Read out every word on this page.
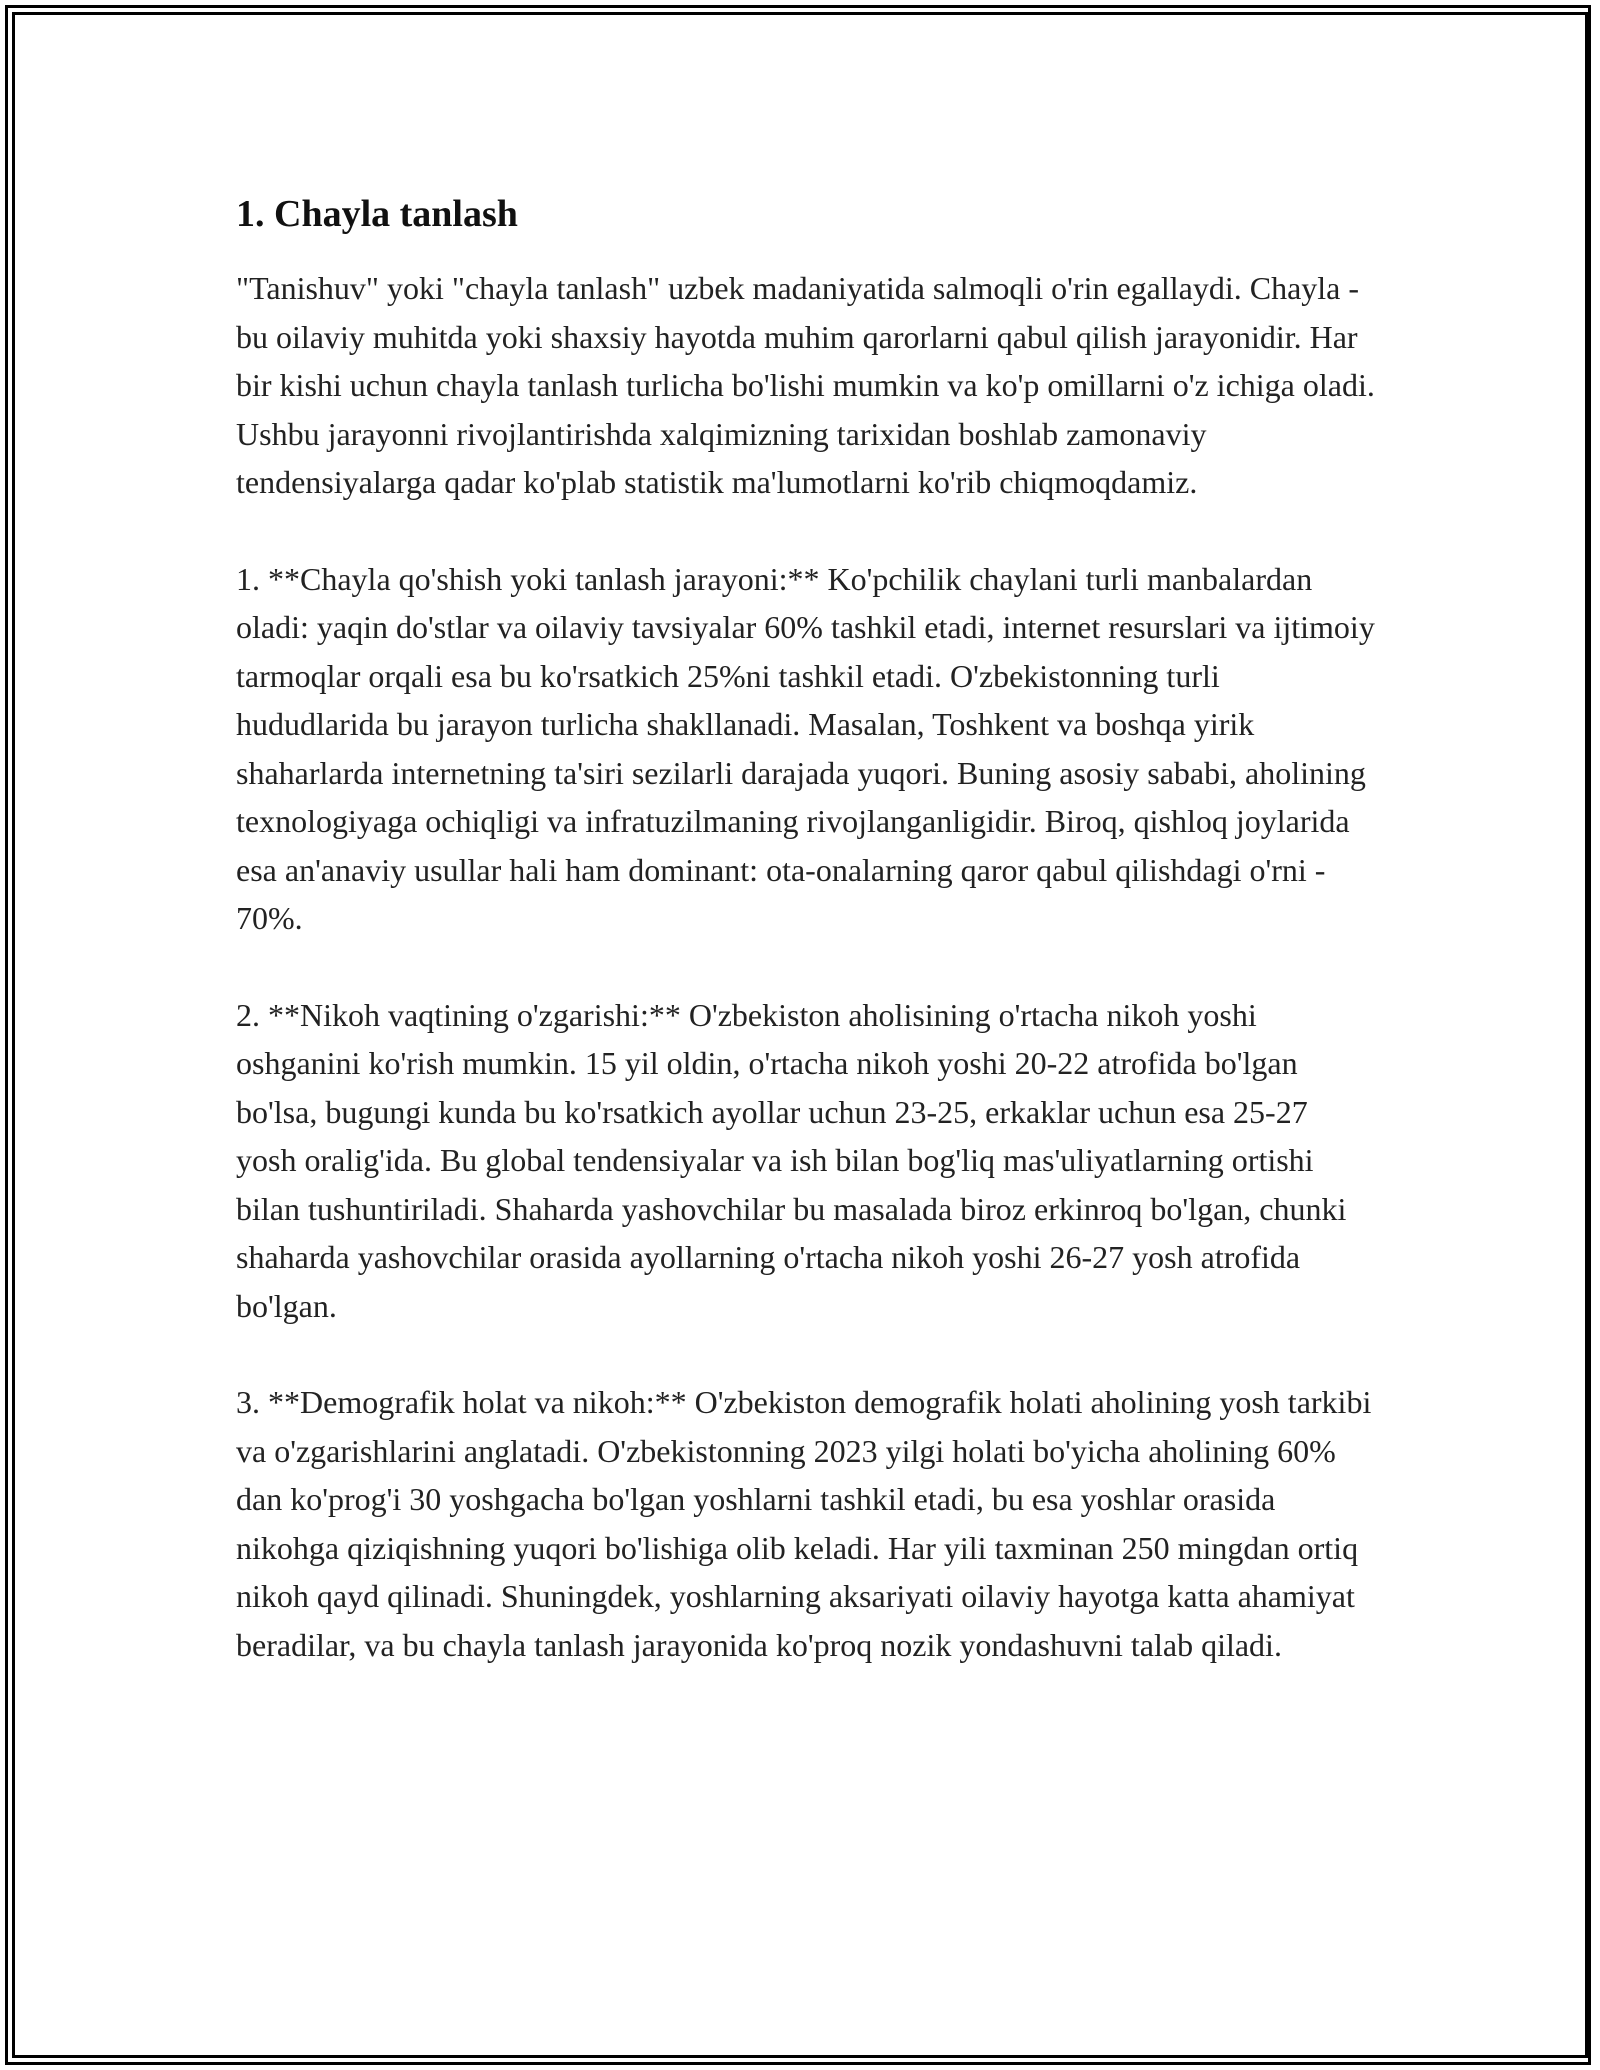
1. Chayla tanlash

"Tanishuv" yoki "chayla tanlash" uzbek madaniyatida salmoqli o'rin egallaydi. Chayla - bu oilaviy muhitda yoki shaxsiy hayotda muhim qarorlarni qabul qilish jarayonidir. Har bir kishi uchun chayla tanlash turlicha bo'lishi mumkin va ko'p omillarni o'z ichiga oladi. Ushbu jarayonni rivojlantirishda xalqimizning tarixidan boshlab zamonaviy tendensiyalarga qadar ko'plab statistik ma'lumotlarni ko'rib chiqmoqdamiz.

1. **Chayla qo'shish yoki tanlash jarayoni:** Ko'pchilik chaylani turli manbalardan oladi: yaqin do'stlar va oilaviy tavsiyalar 60% tashkil etadi, internet resurslari va ijtimoiy tarmoqlar orqali esa bu ko'rsatkich 25%ni tashkil etadi. O'zbekistonning turli hududlarida bu jarayon turlicha shakllanadi. Masalan, Toshkent va boshqa yirik shaharlarda internetning ta'siri sezilarli darajada yuqori. Buning asosiy sababi, aholining texnologiyaga ochiqligi va infratuzilmaning rivojlanganligidir. Biroq, qishloq joylarida esa an'anaviy usullar hali ham dominant: ota-onalarning qaror qabul qilishdagi o'rni - 70%.

2. **Nikoh vaqtining o'zgarishi:** O'zbekiston aholisining o'rtacha nikoh yoshi oshganini ko'rish mumkin. 15 yil oldin, o'rtacha nikoh yoshi 20-22 atrofida bo'lgan bo'lsa, bugungi kunda bu ko'rsatkich ayollar uchun 23-25, erkaklar uchun esa 25-27 yosh oralig'ida. Bu global tendensiyalar va ish bilan bog'liq mas'uliyatlarning ortishi bilan tushuntiriladi. Shaharda yashovchilar bu masalada biroz erkinroq bo'lgan, chunki shaharda yashovchilar orasida ayollarning o'rtacha nikoh yoshi 26-27 yosh atrofida bo'lgan.

3. **Demografik holat va nikoh:** O'zbekiston demografik holati aholining yosh tarkibi va o'zgarishlarini anglatadi. O'zbekistonning 2023 yilgi holati bo'yicha aholining 60% dan ko'prog'i 30 yoshgacha bo'lgan yoshlarni tashkil etadi, bu esa yoshlar orasida nikohga qiziqishning yuqori bo'lishiga olib keladi. Har yili taxminan 250 mingdan ortiq nikoh qayd qilinadi. Shuningdek, yoshlarning aksariyati oilaviy hayotga katta ahamiyat beradilar, va bu chayla tanlash jarayonida ko'proq nozik yondashuvni talab qiladi.
